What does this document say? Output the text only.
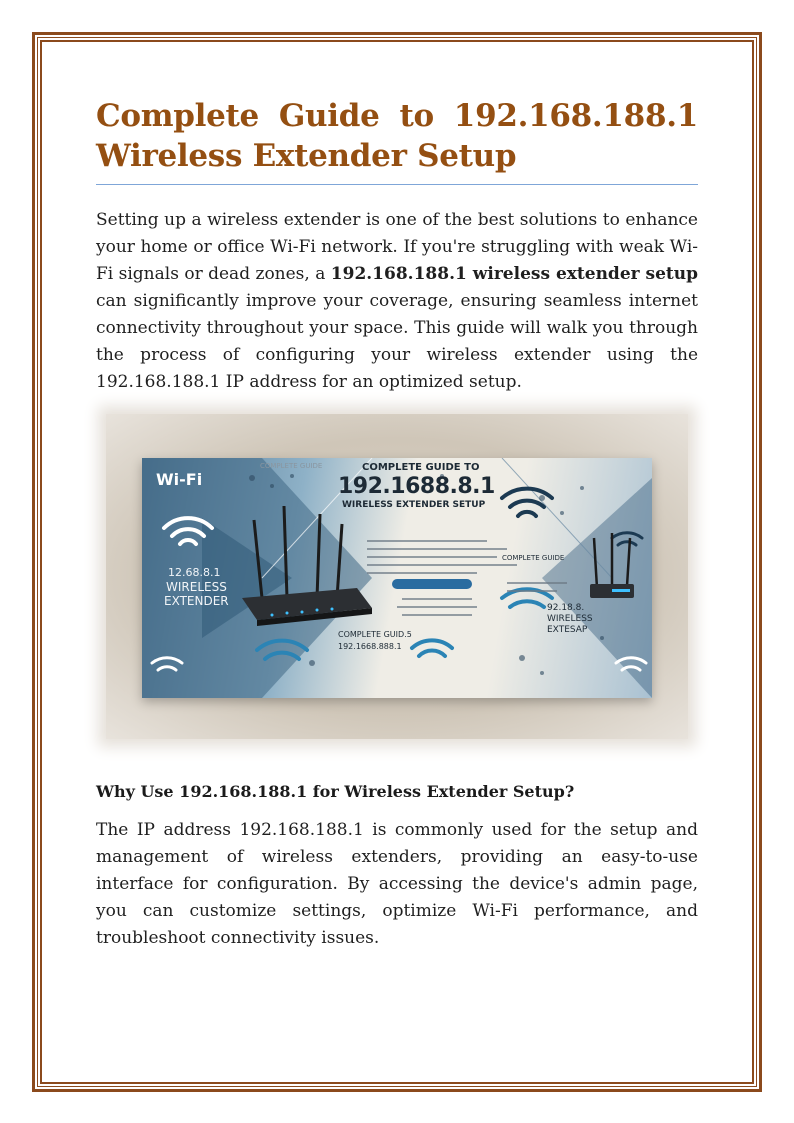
Complete Guide to 192.168.188.1 Wireless Extender Setup

Setting up a wireless extender is one of the best solutions to enhance your home or office Wi-Fi network. If you're struggling with weak Wi-Fi signals or dead zones, a 192.168.188.1 wireless extender setup can significantly improve your coverage, ensuring seamless internet connectivity throughout your space. This guide will walk you through the process of configuring your wireless extender using the 192.168.188.1 IP address for an optimized setup.

Wi-Fi
12.68.8.1
WIRELESS
EXTENDER
COMPLETE GUIDE	COMPLETE GUIDE TO
192.1688.8.1
WIRELESS EXTENDER SETUP
COMPLETE GUID.5
192.1668.888.1
COMPLETE GUIDE
92.18.8.
WIRELESS
EXTESAP
Why Use 192.168.188.1 for Wireless Extender Setup?

The IP address 192.168.188.1 is commonly used for the setup and management of wireless extenders, providing an easy-to-use interface for configuration. By accessing the device's admin page, you can customize settings, optimize Wi-Fi performance, and troubleshoot connectivity issues.
